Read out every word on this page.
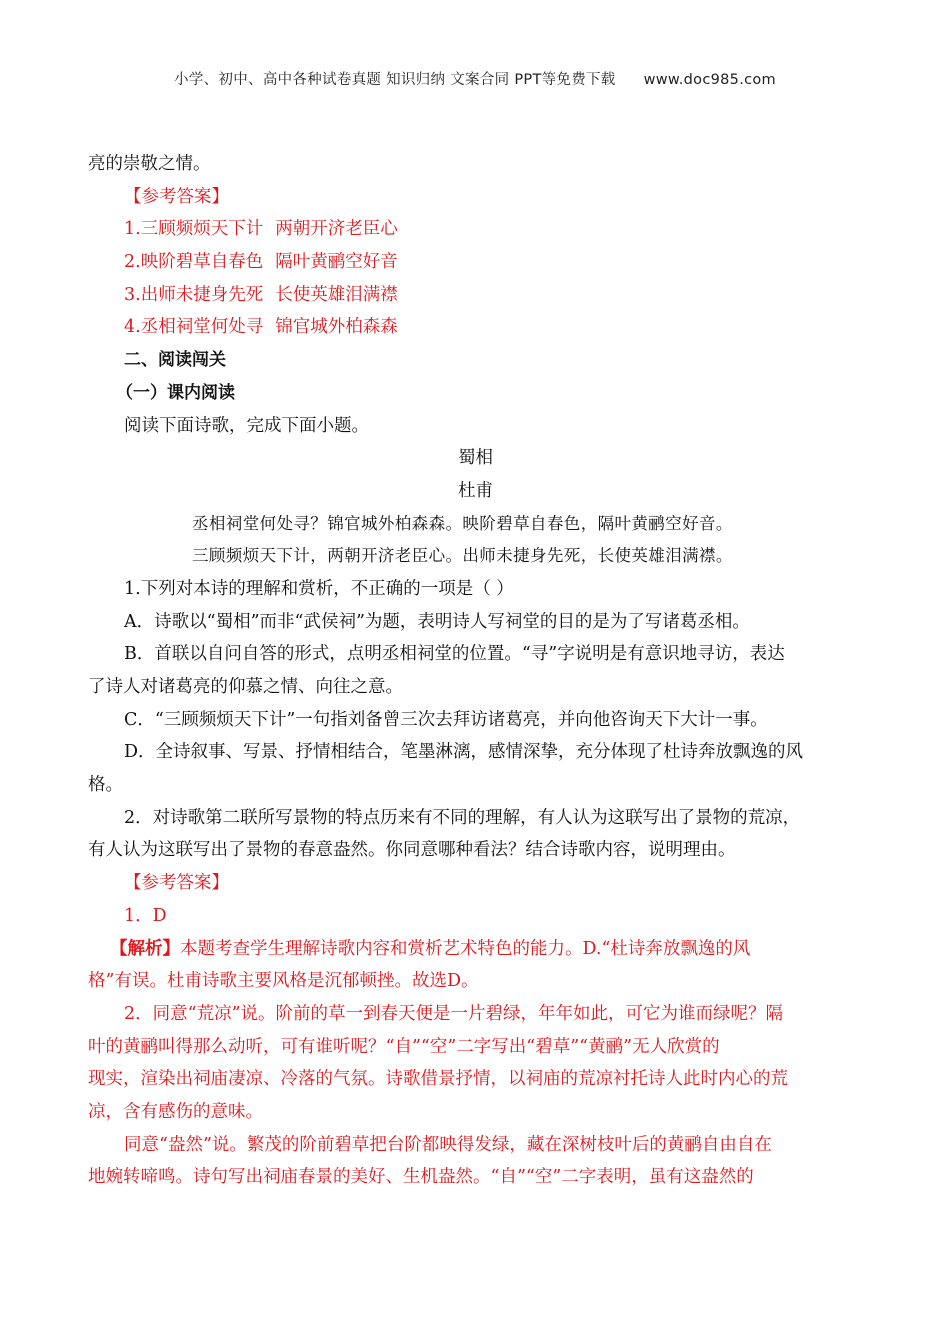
小学、初中、高中各种试卷真题 知识归纳 文案合同 PPT等免费下载 www.doc985.com
亮的崇敬之情。
【参考答案】
1.三顾频烦天下计 两朝开济老臣心
2.映阶碧草自春色 隔叶黄鹂空好音
3.出师未捷身先死 长使英雄泪满襟
4.丞相祠堂何处寻 锦官城外柏森森
二、阅读闯关
（一）课内阅读
阅读下面诗歌，完成下面小题。
蜀相
杜甫
丞相祠堂何处寻？锦官城外柏森森。映阶碧草自春色，隔叶黄鹂空好音。
三顾频烦天下计，两朝开济老臣心。出师未捷身先死，长使英雄泪满襟。
1.下列对本诗的理解和赏析，不正确的一项是（ ）
A．诗歌以“蜀相”而非“武侯祠”为题，表明诗人写祠堂的目的是为了写诸葛丞相。
B．首联以自问自答的形式，点明丞相祠堂的位置。“寻”字说明是有意识地寻访，表达
了诗人对诸葛亮的仰慕之情、向往之意。
C．“三顾频烦天下计”一句指刘备曾三次去拜访诸葛亮，并向他咨询天下大计一事。
D．全诗叙事、写景、抒情相结合，笔墨淋漓，感情深挚，充分体现了杜诗奔放飘逸的风
格。
2．对诗歌第二联所写景物的特点历来有不同的理解，有人认为这联写出了景物的荒凉，
有人认为这联写出了景物的春意盎然。你同意哪种看法？结合诗歌内容，说明理由。
【参考答案】
1．D
【解析】本题考查学生理解诗歌内容和赏析艺术特色的能力。D.“杜诗奔放飘逸的风
格”有误。杜甫诗歌主要风格是沉郁顿挫。故选D。
2．同意“荒凉”说。阶前的草一到春天便是一片碧绿，年年如此，可它为谁而绿呢？隔
叶的黄鹂叫得那么动听，可有谁听呢？“自”“空”二字写出“碧草”“黄鹂”无人欣赏的
现实，渲染出祠庙凄凉、冷落的气氛。诗歌借景抒情，以祠庙的荒凉衬托诗人此时内心的荒
凉，含有感伤的意味。
同意“盎然”说。繁茂的阶前碧草把台阶都映得发绿，藏在深树枝叶后的黄鹂自由自在
地婉转啼鸣。诗句写出祠庙春景的美好、生机盎然。“自”“空”二字表明，虽有这盎然的
